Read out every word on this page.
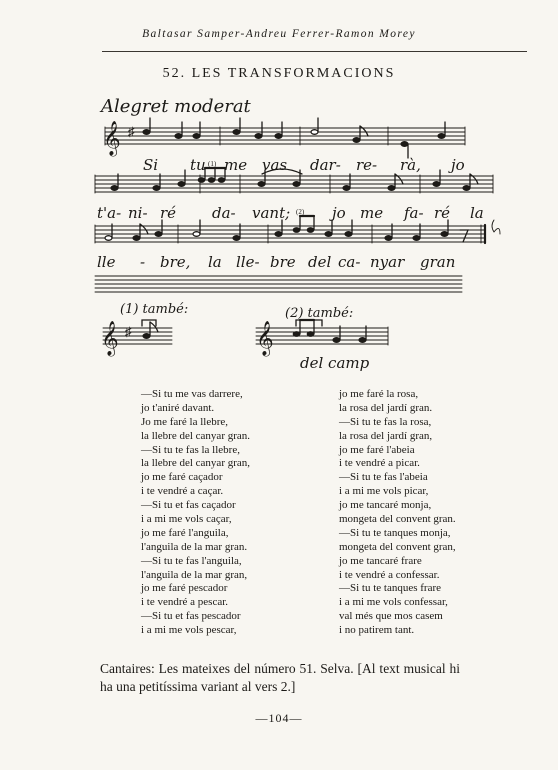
Baltasar Samper-Andreu Ferrer-Ramon Morey
52. LES TRANSFORMACIONS
Alegret moderat
𝄞 ♯
Si tu me vas dar- re- rà, jo
(1)
t'a- ni- ré da- vant;	jo me fa- ré la
(2)
lle - bre, la lle- bre del ca- nyar gran
(1) també:	(2) també:
𝄞 ♯	𝄞
del camp
—Si tu me vas darrere,
jo t'aniré davant.
Jo me faré la llebre,
la llebre del canyar gran.
—Si tu te fas la llebre,
la llebre del canyar gran,
jo me faré caçador
i te vendré a caçar.
—Si tu et fas caçador
i a mi me vols caçar,
jo me faré l'anguila,
l'anguila de la mar gran.
—Si tu te fas l'anguila,
l'anguila de la mar gran,
jo me faré pescador
i te vendré a pescar.
—Si tu et fas pescador
i a mi me vols pescar,
jo me faré la rosa,
la rosa del jardí gran.
—Si tu te fas la rosa,
la rosa del jardí gran,
jo me faré l'abeia
i te vendré a picar.
—Si tu te fas l'abeia
i a mi me vols picar,
jo me tancaré monja,
mongeta del convent gran.
—Si tu te tanques monja,
mongeta del convent gran,
jo me tancaré frare
i te vendré a confessar.
—Si tu te tanques frare
i a mi me vols confessar,
val més que mos casem
i no patirem tant.
Cantaires: Les mateixes del número 51. Selva. [Al text musical hi ha una petitíssima variant al vers 2.]
—104—
